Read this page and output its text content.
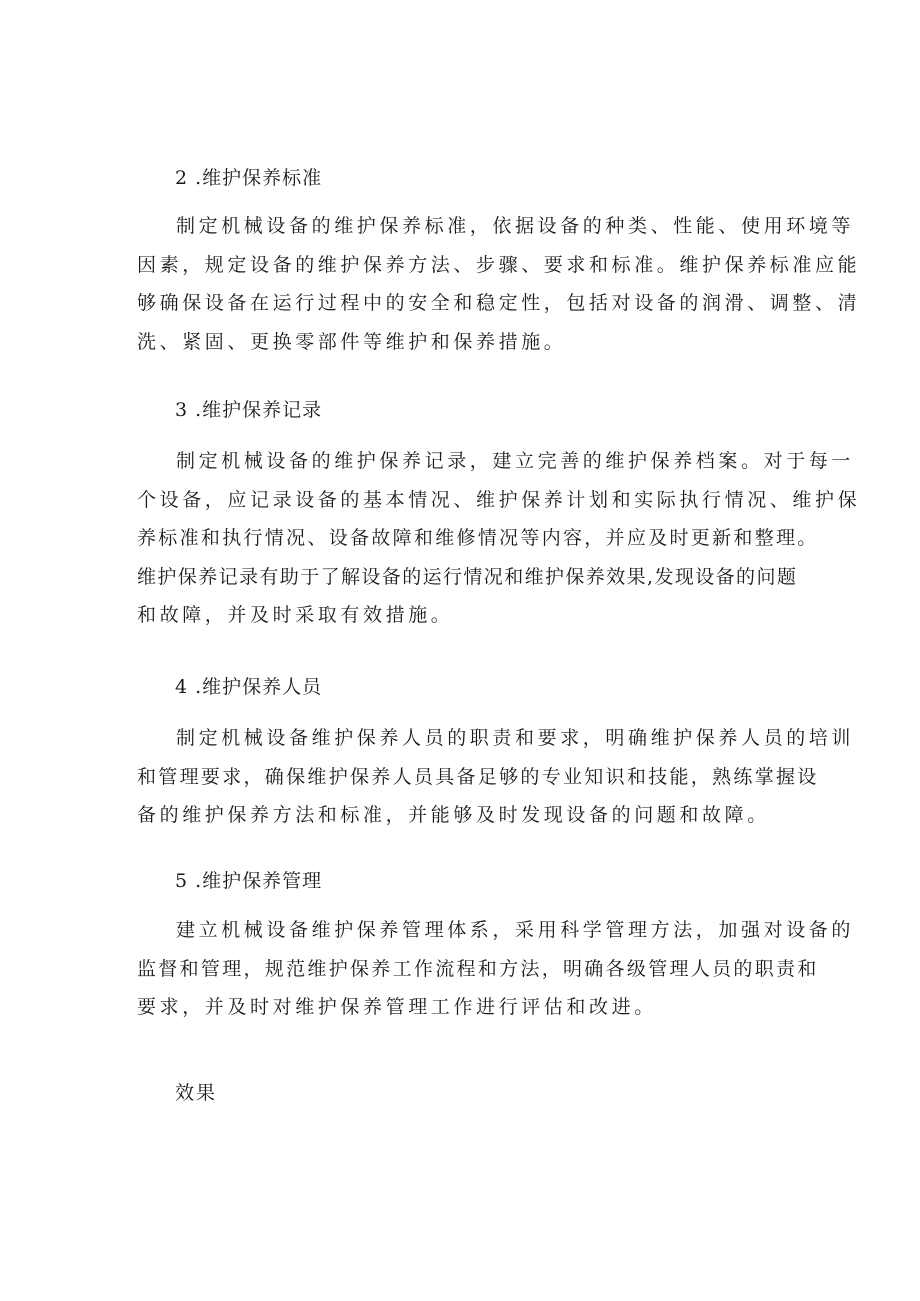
2 .维护保养标准

制定机械设备的维护保养标准，依据设备的种类、性能、使用环境等
因素，规定设备的维护保养方法、步骤、要求和标准。维护保养标准应能
够确保设备在运行过程中的安全和稳定性，包括对设备的润滑、调整、清
洗、紧固、更换零部件等维护和保养措施。

3 .维护保养记录

制定机械设备的维护保养记录，建立完善的维护保养档案。对于每一
个设备，应记录设备的基本情况、维护保养计划和实际执行情况、维护保
养标准和执行情况、设备故障和维修情况等内容，并应及时更新和整理。
维护保养记录有助于了解设备的运行情况和维护保养效果,发现设备的问题
和故障，并及时采取有效措施。

4 .维护保养人员

制定机械设备维护保养人员的职责和要求，明确维护保养人员的培训
和管理要求，确保维护保养人员具备足够的专业知识和技能，熟练掌握设
备的维护保养方法和标准，并能够及时发现设备的问题和故障。

5 .维护保养管理

建立机械设备维护保养管理体系，采用科学管理方法，加强对设备的
监督和管理，规范维护保养工作流程和方法，明确各级管理人员的职责和
要求，并及时对维护保养管理工作进行评估和改进。

效果
